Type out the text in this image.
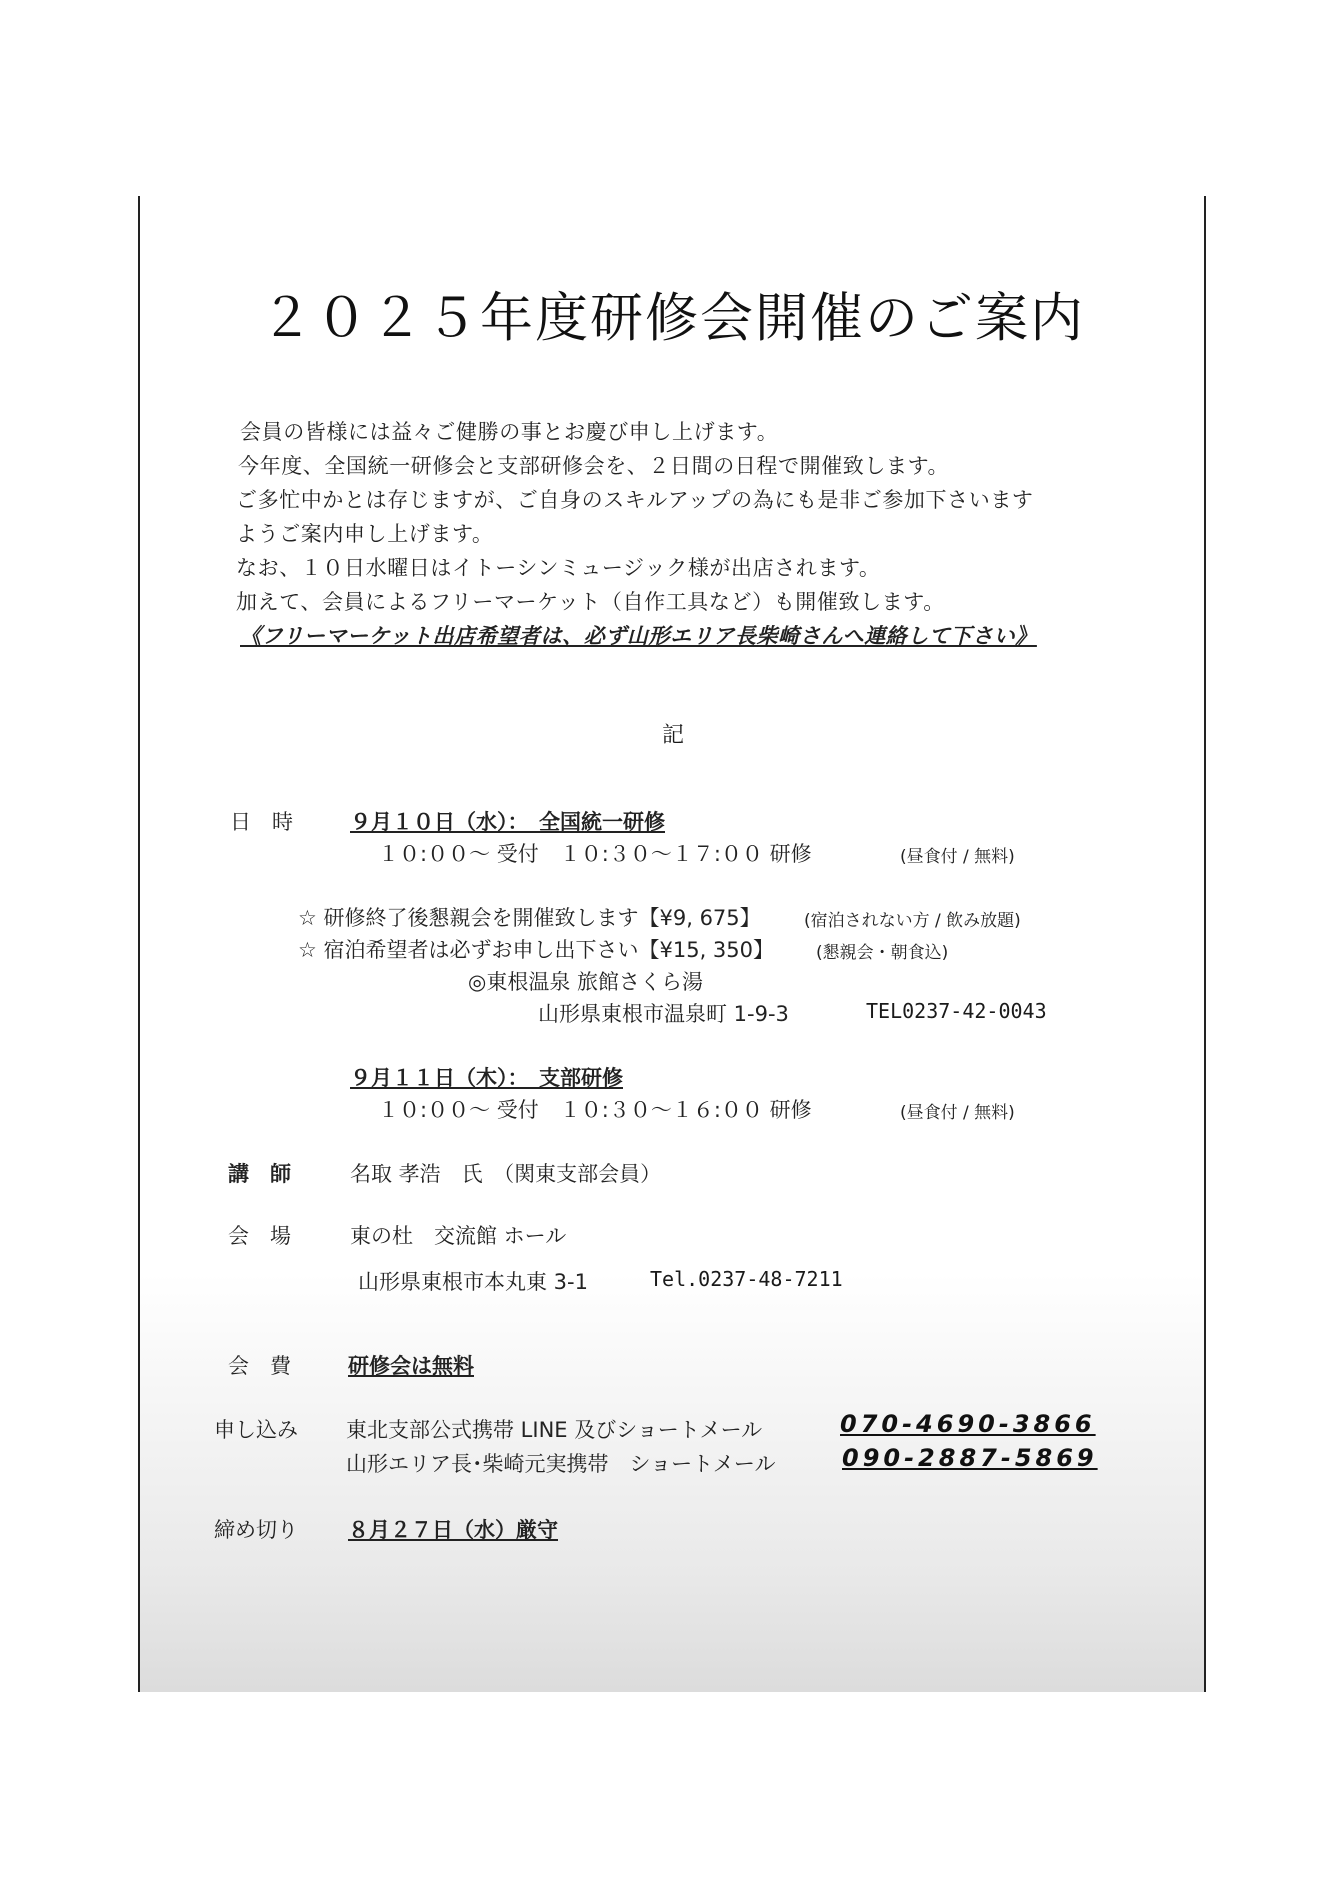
２０２５年度研修会開催のご案内
会員の皆様には益々ご健勝の事とお慶び申し上げます。
今年度、全国統一研修会と支部研修会を、２日間の日程で開催致します。
ご多忙中かとは存じますが、ご自身のスキルアップの為にも是非ご参加下さいます
ようご案内申し上げます。
なお、１０日水曜日はイトーシンミュージック様が出店されます。
加えて、会員によるフリーマーケット（自作工具など）も開催致します。
《フリーマーケット出店希望者は、必ず山形エリア長柴崎さんへ連絡して下さい》
記
日　時	９月１０日（水）：　全国統一研修
１０:００～ 受付　１０:３０～１７:００ 研修	(昼食付 / 無料)
☆ 研修終了後懇親会を開催致します【¥9, 675】	(宿泊されない方 / 飲み放題)
☆ 宿泊希望者は必ずお申し出下さい【¥15, 350】 (懇親会・朝食込)
◎東根温泉 旅館さくら湯
山形県東根市温泉町 1-9-3	TEL0237-42-0043
９月１１日（木）：　支部研修
１０:００～ 受付　１０:３０～１６:００ 研修	(昼食付 / 無料)
講　師	名取 孝浩　氏　（関東支部会員）
会　場	東の杜　交流館 ホール
山形県東根市本丸東 3-1	Tel.0237-48-7211
会　費	研修会は無料
申し込み 東北支部公式携帯 LINE 及びショートメール	070-4690-3866
山形エリア長･柴崎元実携帯　ショートメール	090-2887-5869
締め切り ８月２７日（水）厳守
